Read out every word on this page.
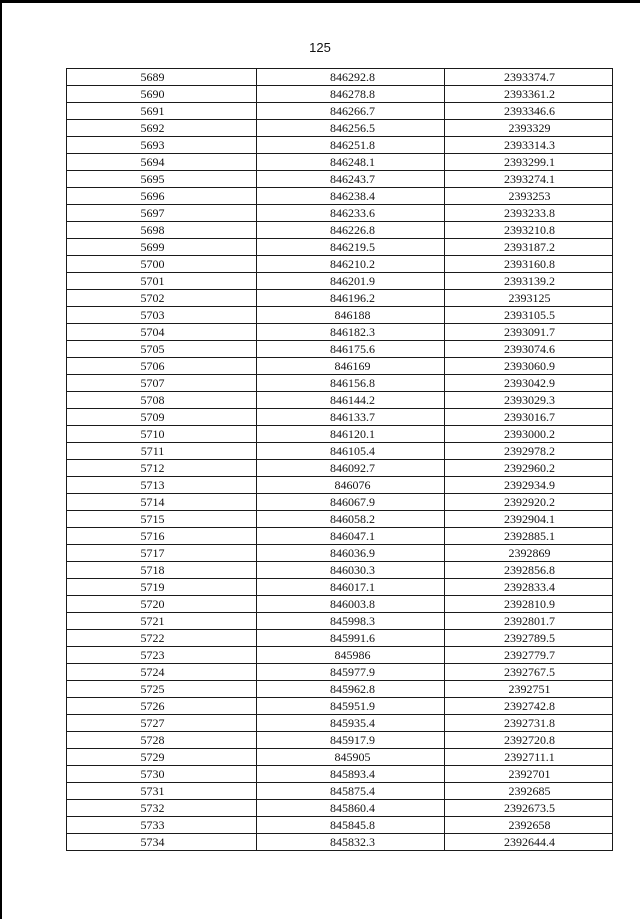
125
5689	846292.8	2393374.7
5690	846278.8	2393361.2
5691	846266.7	2393346.6
5692	846256.5	2393329
5693	846251.8	2393314.3
5694	846248.1	2393299.1
5695	846243.7	2393274.1
5696	846238.4	2393253
5697	846233.6	2393233.8
5698	846226.8	2393210.8
5699	846219.5	2393187.2
5700	846210.2	2393160.8
5701	846201.9	2393139.2
5702	846196.2	2393125
5703	846188	2393105.5
5704	846182.3	2393091.7
5705	846175.6	2393074.6
5706	846169	2393060.9
5707	846156.8	2393042.9
5708	846144.2	2393029.3
5709	846133.7	2393016.7
5710	846120.1	2393000.2
5711	846105.4	2392978.2
5712	846092.7	2392960.2
5713	846076	2392934.9
5714	846067.9	2392920.2
5715	846058.2	2392904.1
5716	846047.1	2392885.1
5717	846036.9	2392869
5718	846030.3	2392856.8
5719	846017.1	2392833.4
5720	846003.8	2392810.9
5721	845998.3	2392801.7
5722	845991.6	2392789.5
5723	845986	2392779.7
5724	845977.9	2392767.5
5725	845962.8	2392751
5726	845951.9	2392742.8
5727	845935.4	2392731.8
5728	845917.9	2392720.8
5729	845905	2392711.1
5730	845893.4	2392701
5731	845875.4	2392685
5732	845860.4	2392673.5
5733	845845.8	2392658
5734	845832.3	2392644.4
